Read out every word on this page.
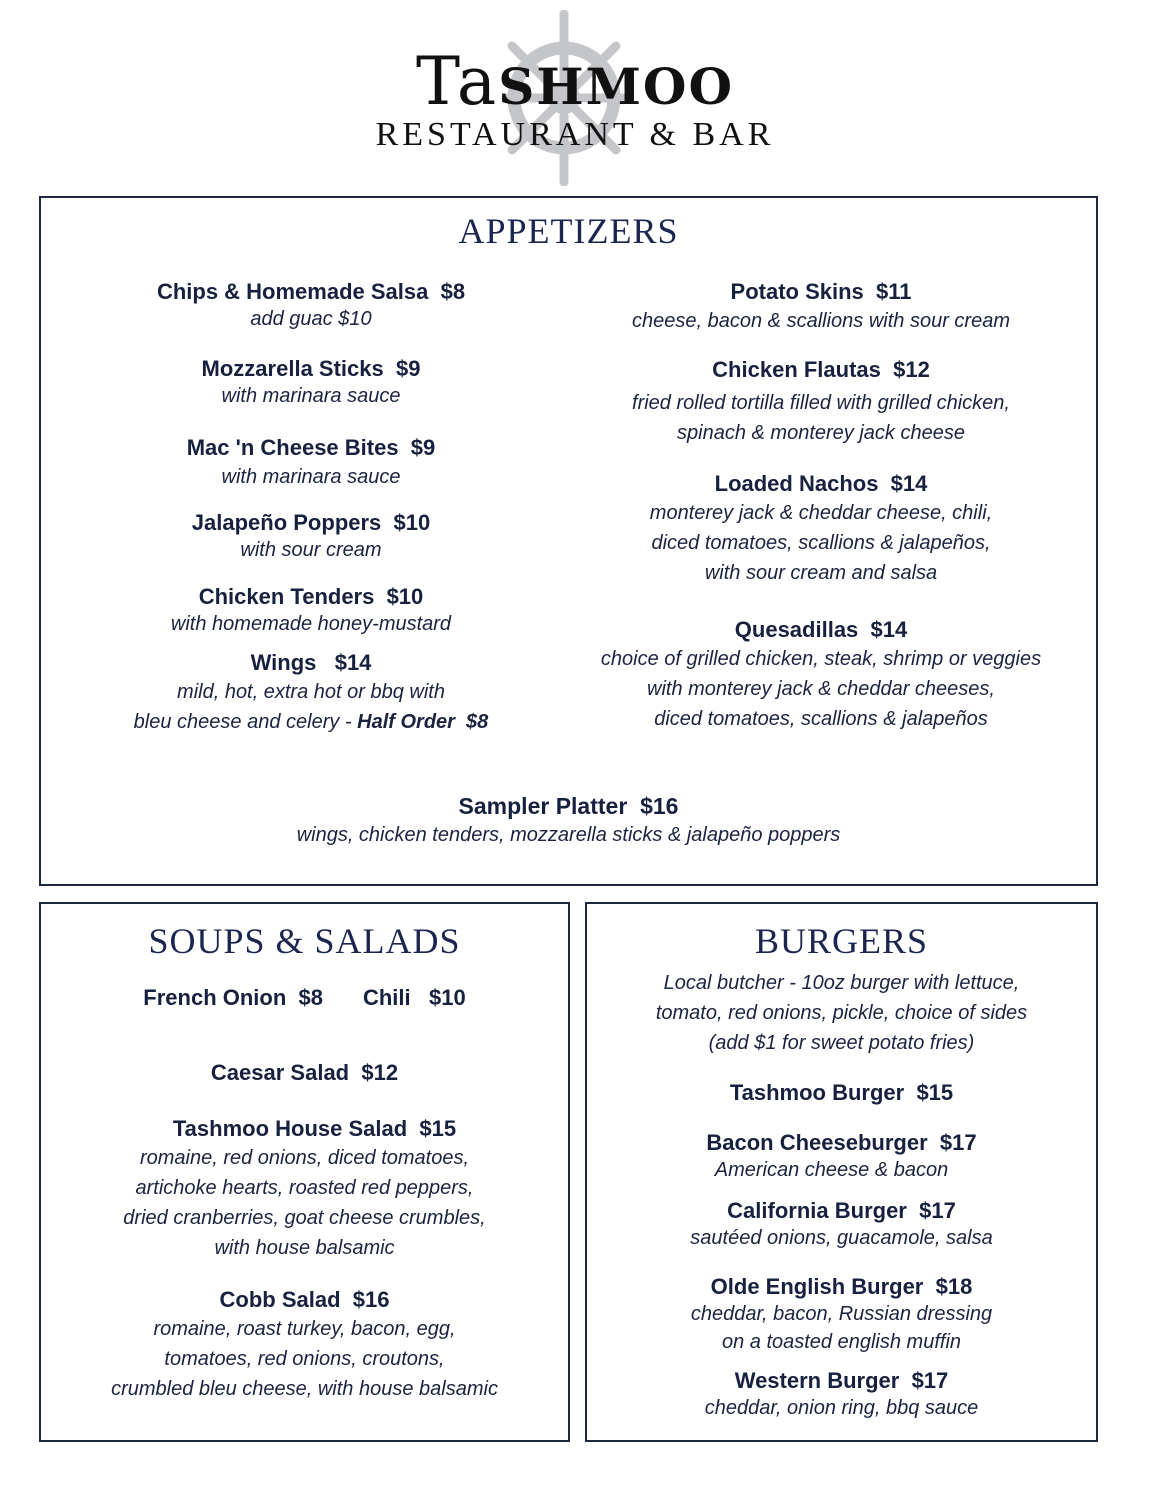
TaSHMOO
RESTAURANT & BAR
APPETIZERS
Chips & Homemade Salsa  $8
add guac $10
Mozzarella Sticks  $9
with marinara sauce
Mac 'n Cheese Bites  $9
with marinara sauce
Jalapeño Poppers  $10
with sour cream
Chicken Tenders  $10
with homemade honey-mustard
Wings   $14
mild, hot, extra hot or bbq with
bleu cheese and celery - Half Order  $8
Potato Skins  $11
cheese, bacon & scallions with sour cream
Chicken Flautas  $12
fried rolled tortilla filled with grilled chicken,
spinach & monterey jack cheese
Loaded Nachos  $14
monterey jack & cheddar cheese, chili,
diced tomatoes, scallions & jalapeños,
with sour cream and salsa
Quesadillas  $14
choice of grilled chicken, steak, shrimp or veggies
with monterey jack & cheddar cheeses,
diced tomatoes, scallions & jalapeños
Sampler Platter  $16
wings, chicken tenders, mozzarella sticks & jalapeño poppers
SOUPS & SALADS
French Onion  $8 Chili   $10
Caesar Salad  $12
Tashmoo House Salad  $15
romaine, red onions, diced tomatoes,
artichoke hearts, roasted red peppers,
dried cranberries, goat cheese crumbles,
with house balsamic
Cobb Salad  $16
romaine, roast turkey, bacon, egg,
tomatoes, red onions, croutons,
crumbled bleu cheese, with house balsamic
BURGERS
Local butcher - 10oz burger with lettuce,
tomato, red onions, pickle, choice of sides
(add $1 for sweet potato fries)
Tashmoo Burger  $15
Bacon Cheeseburger  $17
American cheese & bacon
California Burger  $17
sautéed onions, guacamole, salsa
Olde English Burger  $18
cheddar, bacon, Russian dressing
on a toasted english muffin
Western Burger  $17
cheddar, onion ring, bbq sauce
